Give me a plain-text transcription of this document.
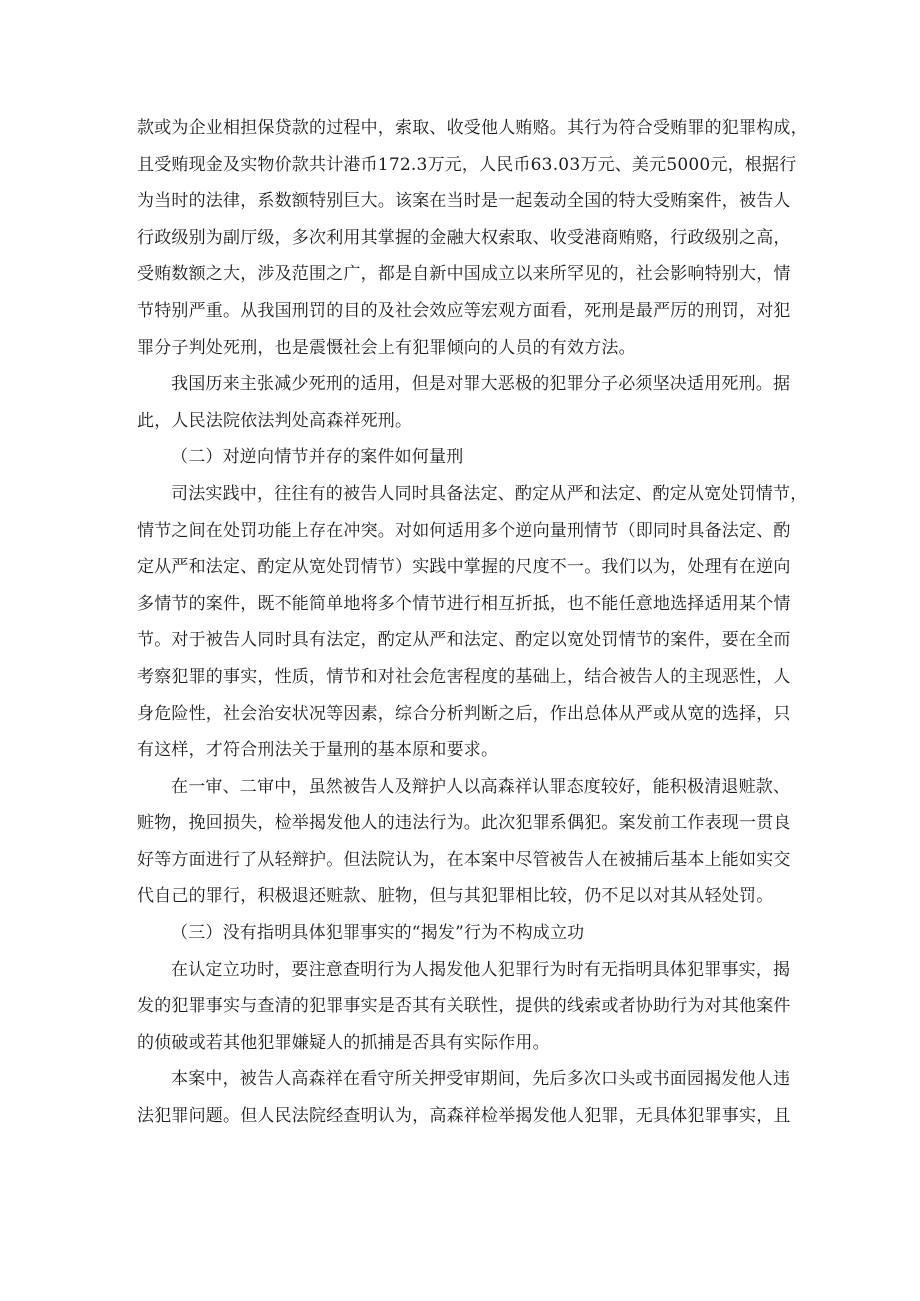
款或为企业相担保贷款的过程中，索取、收受他人贿赂。其行为符合受贿罪的犯罪构成，
且受贿现金及实物价款共计港币172.3万元，人民币63.03万元、美元5000元，根据行
为当时的法律，系数额特别巨大。该案在当时是一起轰动全国的特大受贿案件，被告人
行政级别为副厅级，多次利用其掌握的金融大权索取、收受港商贿赂，行政级别之高，
受贿数额之大，涉及范围之广，都是自新中国成立以来所罕见的，社会影响特别大，情
节特别严重。从我国刑罚的目的及社会效应等宏观方面看，死刑是最严厉的刑罚，对犯
罪分子判处死刑，也是震慑社会上有犯罪倾向的人员的有效方法。
我国历来主张减少死刑的适用，但是对罪大恶极的犯罪分子必须坚决适用死刑。据
此，人民法院依法判处高森祥死刑。
（二）对逆向情节并存的案件如何量刑
司法实践中，往往有的被告人同时具备法定、酌定从严和法定、酌定从宽处罚情节，
情节之间在处罚功能上存在冲突。对如何适用多个逆向量刑情节（即同时具备法定、酌
定从严和法定、酌定从宽处罚情节）实践中掌握的尺度不一。我们以为，处理有在逆向
多情节的案件，既不能简单地将多个情节进行相互折抵，也不能任意地选择适用某个情
节。对于被告人同时具有法定，酌定从严和法定、酌定以宽处罚情节的案件，要在全而
考察犯罪的事实，性质，情节和对社会危害程度的基础上，结合被告人的主现恶性，人
身危险性，社会治安状况等因素，综合分析判断之后，作出总体从严或从宽的选择，只
有这样，才符合刑法关于量刑的基本原和要求。
在一审、二审中，虽然被告人及辩护人以高森祥认罪态度较好，能积极清退赃款、
赃物，挽回损失，检举揭发他人的违法行为。此次犯罪系偶犯。案发前工作表现一贯良
好等方面进行了从轻辩护。但法院认为，在本案中尽管被告人在被捕后基本上能如实交
代自己的罪行，积极退还赃款、脏物，但与其犯罪相比较，仍不足以对其从轻处罚。
（三）没有指明具体犯罪事实的“揭发”行为不构成立功
在认定立功时，要注意查明行为人揭发他人犯罪行为时有无指明具体犯罪事实，揭
发的犯罪事实与查清的犯罪事实是否其有关联性，提供的线索或者协助行为对其他案件
的侦破或若其他犯罪嫌疑人的抓捕是否具有实际作用。
本案中，被告人高森祥在看守所关押受审期间，先后多次口头或书面园揭发他人违
法犯罪问题。但人民法院经查明认为，高森祥检举揭发他人犯罪，无具体犯罪事实，且
